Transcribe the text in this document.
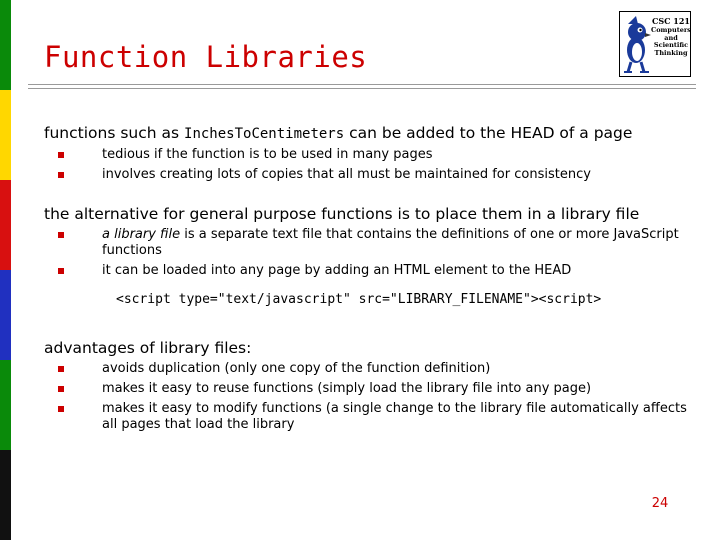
Function Libraries
CSC 121
Computers
and
Scientific
Thinking

functions such as InchesToCentimeters can be added to the HEAD of a page

tedious if the function is to be used in many pages
involves creating lots of copies that all must be maintained for consistency

the alternative for general purpose functions is to place them in a library file

a library file is a separate text file that contains the definitions of one or more JavaScript functions
it can be loaded into any page by adding an HTML element to the HEAD

<script type="text/javascript" src="LIBRARY_FILENAME"><script>

advantages of library files:

avoids duplication (only one copy of the function definition)
makes it easy to reuse functions (simply load the library file into any page)
makes it easy to modify functions (a single change to the library file automatically affects all pages that load the library
24
